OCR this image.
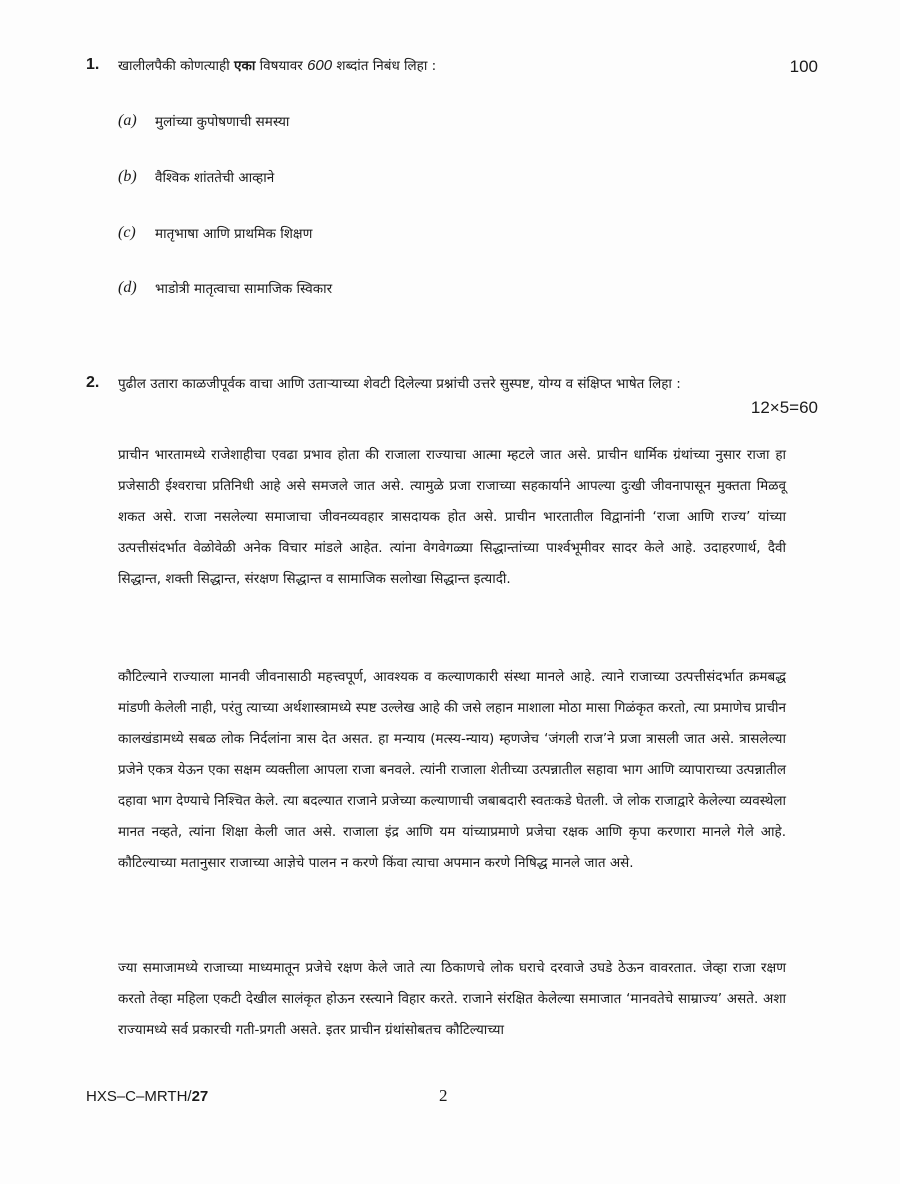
1. खालीलपैकी कोणत्याही एका विषयावर 600 शब्दांत निबंध लिहा :	100
(a) मुलांच्या कुपोषणाची समस्या
(b) वैश्विक शांततेची आव्हाने
(c) मातृभाषा आणि प्राथमिक शिक्षण
(d) भाडोत्री मातृत्वाचा सामाजिक स्विकार
2. पुढील उतारा काळजीपूर्वक वाचा आणि उताऱ्याच्या शेवटी दिलेल्या प्रश्नांची उत्तरे सुस्पष्ट, योग्य व संक्षिप्त भाषेत लिहा :
12×5=60
प्राचीन भारतामध्ये राजेशाहीचा एवढा प्रभाव होता की राजाला राज्याचा आत्मा म्हटले जात असे. प्राचीन धार्मिक ग्रंथांच्या नुसार राजा हा प्रजेसाठी ईश्वराचा प्रतिनिधी आहे असे समजले जात असे. त्यामुळे प्रजा राजाच्या सहकार्याने आपल्या दुःखी जीवनापासून मुक्तता मिळवू शकत असे. राजा नसलेल्या समाजाचा जीवनव्यवहार त्रासदायक होत असे. प्राचीन भारतातील विद्वानांनी ‘राजा आणि राज्य’ यांच्या उत्पत्तीसंदर्भात वेळोवेळी अनेक विचार मांडले आहेत. त्यांना वेगवेगळ्या सिद्धान्तांच्या पार्श्वभूमीवर सादर केले आहे. उदाहरणार्थ, दैवी सिद्धान्त, शक्ती सिद्धान्त, संरक्षण सिद्धान्त व सामाजिक सलोखा सिद्धान्त इत्यादी.
कौटिल्याने राज्याला मानवी जीवनासाठी महत्त्वपूर्ण, आवश्यक व कल्याणकारी संस्था मानले आहे. त्याने राजाच्या उत्पत्तीसंदर्भात क्रमबद्ध मांडणी केलेली नाही, परंतु त्याच्या अर्थशास्त्रामध्ये स्पष्ट उल्लेख आहे की जसे लहान माशाला मोठा मासा गिळंकृत करतो, त्या प्रमाणेच प्राचीन कालखंडामध्ये सबळ लोक निर्दलांना त्रास देत असत. हा मन्याय (मत्स्य-न्याय) म्हणजेच ‘जंगली राज’ने प्रजा त्रासली जात असे. त्रासलेल्या प्रजेने एकत्र येऊन एका सक्षम व्यक्तीला आपला राजा बनवले. त्यांनी राजाला शेतीच्या उत्पन्नातील सहावा भाग आणि व्यापाराच्या उत्पन्नातील दहावा भाग देण्याचे निश्चित केले. त्या बदल्यात राजाने प्रजेच्या कल्याणाची जबाबदारी स्वतःकडे घेतली. जे लोक राजाद्वारे केलेल्या व्यवस्थेला मानत नव्हते, त्यांना शिक्षा केली जात असे. राजाला इंद्र आणि यम यांच्याप्रमाणे प्रजेचा रक्षक आणि कृपा करणारा मानले गेले आहे. कौटिल्याच्या मतानुसार राजाच्या आज्ञेचे पालन न करणे किंवा त्याचा अपमान करणे निषिद्ध मानले जात असे.
ज्या समाजामध्ये राजाच्या माध्यमातून प्रजेचे रक्षण केले जाते त्या ठिकाणचे लोक घराचे दरवाजे उघडे ठेऊन वावरतात. जेव्हा राजा रक्षण करतो तेव्हा महिला एकटी देखील सालंकृत होऊन रस्त्याने विहार करते. राजाने संरक्षित केलेल्या समाजात ‘मानवतेचे साम्राज्य’ असते. अशा राज्यामध्ये सर्व प्रकारची गती-प्रगती असते. इतर प्राचीन ग्रंथांसोबतच कौटिल्याच्या
HXS–C–MRTH/27	2
